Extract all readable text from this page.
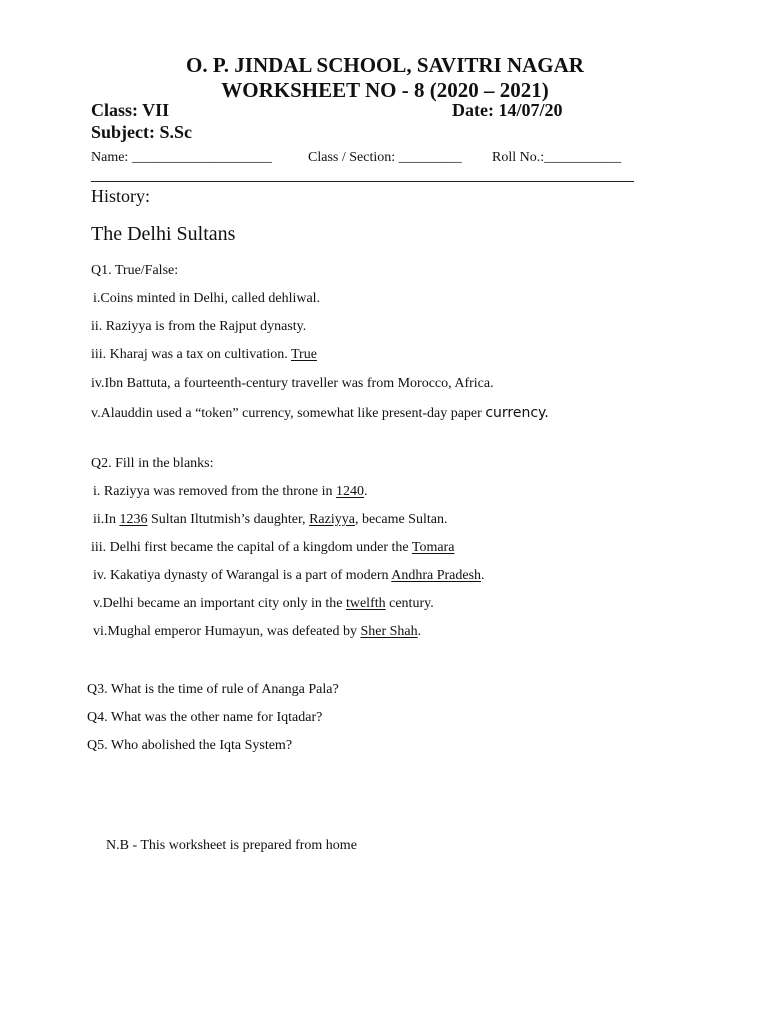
O. P. JINDAL SCHOOL, SAVITRI NAGAR
WORKSHEET NO - 8 (2020 – 2021)
Class: VII	Date: 14/07/20
Subject: S.Sc
Name: ____________________	Class / Section: _________ Roll No.:___________
History:
The Delhi Sultans
Q1. True/False:
i.Coins minted in Delhi, called dehliwal.
ii. Raziyya is from the Rajput dynasty.
iii. Kharaj was a tax on cultivation. True
iv.Ibn Battuta, a fourteenth-century traveller was from Morocco, Africa.
v.Alauddin used a “token” currency, somewhat like present-day paper currency.
Q2. Fill in the blanks:
i. Raziyya was removed from the throne in 1240.
ii.In 1236 Sultan Iltutmish’s daughter, Raziyya, became Sultan.
iii. Delhi first became the capital of a kingdom under the Tomara
iv. Kakatiya dynasty of Warangal is a part of modern Andhra Pradesh.
v.Delhi became an important city only in the twelfth century.
vi.Mughal emperor Humayun, was defeated by Sher Shah.
Q3. What is the time of rule of Ananga Pala?
Q4. What was the other name for Iqtadar?
Q5. Who abolished the Iqta System?
N.B - This worksheet is prepared from home
